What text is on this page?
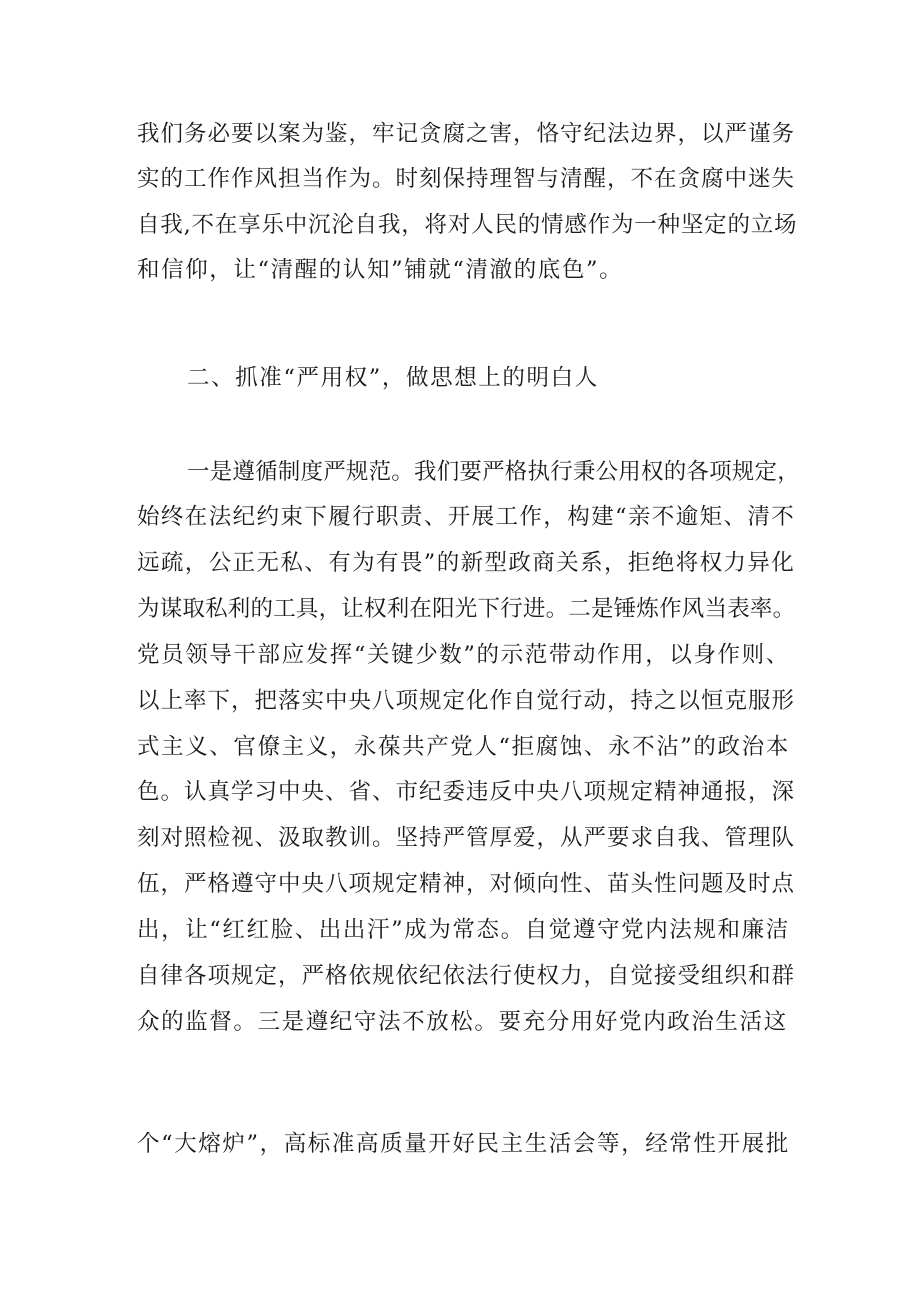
我们务必要以案为鉴，牢记贪腐之害，恪守纪法边界，以严谨务
实的工作作风担当作为。时刻保持理智与清醒，不在贪腐中迷失
自我,不在享乐中沉沦自我，将对人民的情感作为一种坚定的立场
和信仰，让“清醒的认知”铺就“清澈的底色”。
二、抓准“严用权”，做思想上的明白人
一是遵循制度严规范。我们要严格执行秉公用权的各项规定，
始终在法纪约束下履行职责、开展工作，构建“亲不逾矩、清不
远疏，公正无私、有为有畏”的新型政商关系，拒绝将权力异化
为谋取私利的工具，让权利在阳光下行进。二是锤炼作风当表率。
党员领导干部应发挥“关键少数”的示范带动作用，以身作则、
以上率下，把落实中央八项规定化作自觉行动，持之以恒克服形
式主义、官僚主义，永葆共产党人“拒腐蚀、永不沾”的政治本
色。认真学习中央、省、市纪委违反中央八项规定精神通报，深
刻对照检视、汲取教训。坚持严管厚爱，从严要求自我、管理队
伍，严格遵守中央八项规定精神，对倾向性、苗头性问题及时点
出，让“红红脸、出出汗”成为常态。自觉遵守党内法规和廉洁
自律各项规定，严格依规依纪依法行使权力，自觉接受组织和群
众的监督。三是遵纪守法不放松。要充分用好党内政治生活这
个“大熔炉”，高标准高质量开好民主生活会等，经常性开展批
